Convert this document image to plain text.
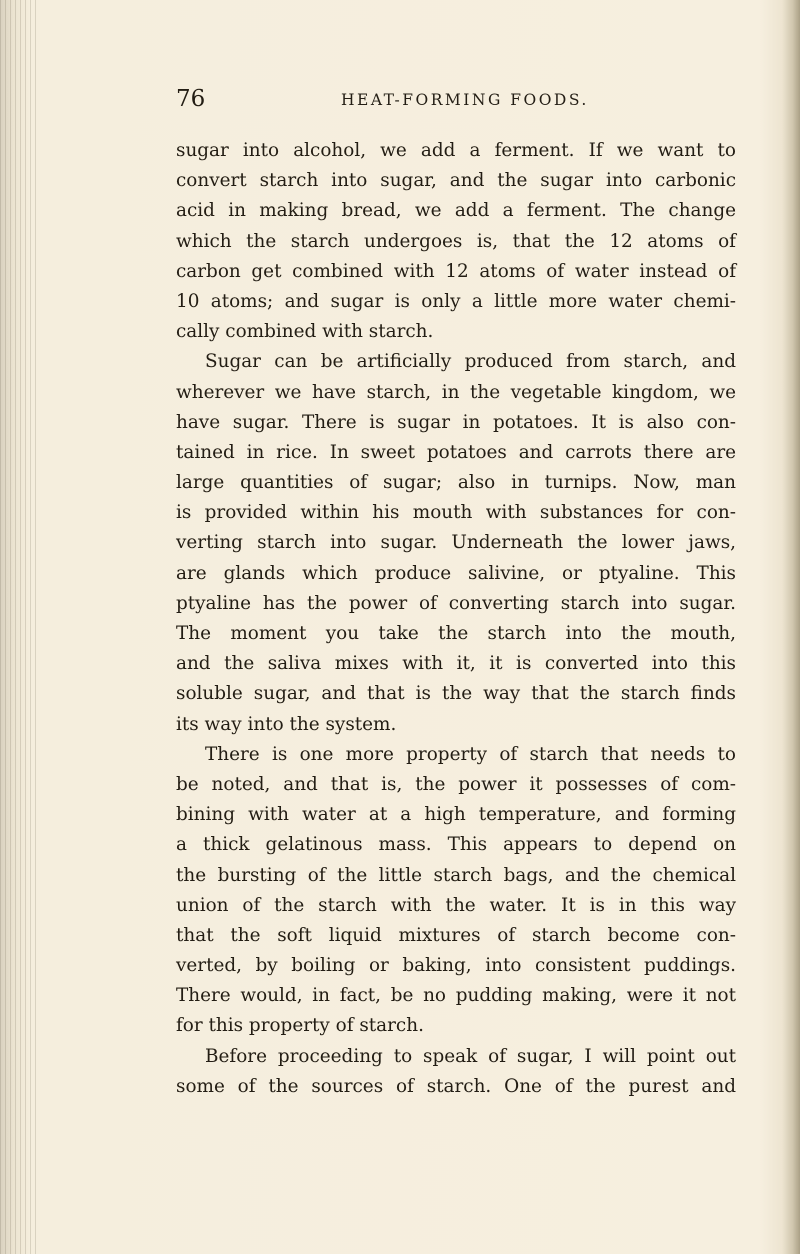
76	HEAT-FORMING FOODS.
sugar into alcohol, we add a ferment. If we want to
convert starch into sugar, and the sugar into carbonic
acid in making bread, we add a ferment. The change
which the starch undergoes is, that the 12 atoms of
carbon get combined with 12 atoms of water instead of
10 atoms; and sugar is only a little more water chemi-
cally combined with starch.
Sugar can be artificially produced from starch, and
wherever we have starch, in the vegetable kingdom, we
have sugar. There is sugar in potatoes. It is also con-
tained in rice. In sweet potatoes and carrots there are
large quantities of sugar; also in turnips. Now, man
is provided within his mouth with substances for con-
verting starch into sugar. Underneath the lower jaws,
are glands which produce salivine, or ptyaline. This
ptyaline has the power of converting starch into sugar.
The moment you take the starch into the mouth,
and the saliva mixes with it, it is converted into this
soluble sugar, and that is the way that the starch finds
its way into the system.
There is one more property of starch that needs to
be noted, and that is, the power it possesses of com-
bining with water at a high temperature, and forming
a thick gelatinous mass. This appears to depend on
the bursting of the little starch bags, and the chemical
union of the starch with the water. It is in this way
that the soft liquid mixtures of starch become con-
verted, by boiling or baking, into consistent puddings.
There would, in fact, be no pudding making, were it not
for this property of starch.
Before proceeding to speak of sugar, I will point out
some of the sources of starch. One of the purest and
